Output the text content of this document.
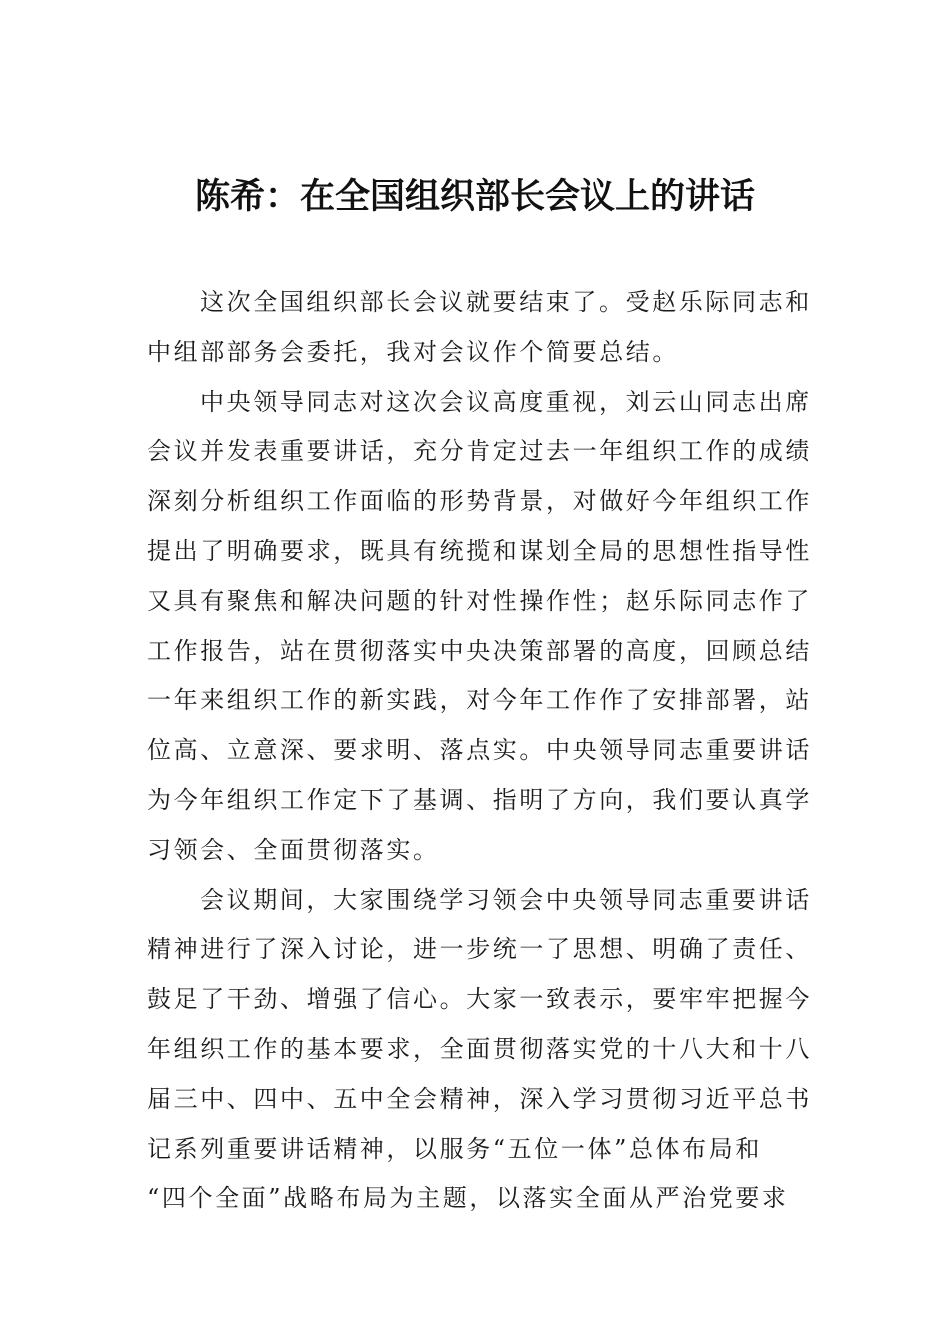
陈希：在全国组织部长会议上的讲话
这次全国组织部长会议就要结束了。受赵乐际同志和
中组部部务会委托，我对会议作个简要总结。
中央领导同志对这次会议高度重视，刘云山同志出席
会议并发表重要讲话，充分肯定过去一年组织工作的成绩
深刻分析组织工作面临的形势背景，对做好今年组织工作
提出了明确要求，既具有统揽和谋划全局的思想性指导性
又具有聚焦和解决问题的针对性操作性；赵乐际同志作了
工作报告，站在贯彻落实中央决策部署的高度，回顾总结
一年来组织工作的新实践，对今年工作作了安排部署，站
位高、立意深、要求明、落点实。中央领导同志重要讲话
为今年组织工作定下了基调、指明了方向，我们要认真学
习领会、全面贯彻落实。
会议期间，大家围绕学习领会中央领导同志重要讲话
精神进行了深入讨论，进一步统一了思想、明确了责任、
鼓足了干劲、增强了信心。大家一致表示，要牢牢把握今
年组织工作的基本要求，全面贯彻落实党的十八大和十八
届三中、四中、五中全会精神，深入学习贯彻习近平总书
记系列重要讲话精神，以服务“五位一体”总体布局和
“四个全面”战略布局为主题，以落实全面从严治党要求
